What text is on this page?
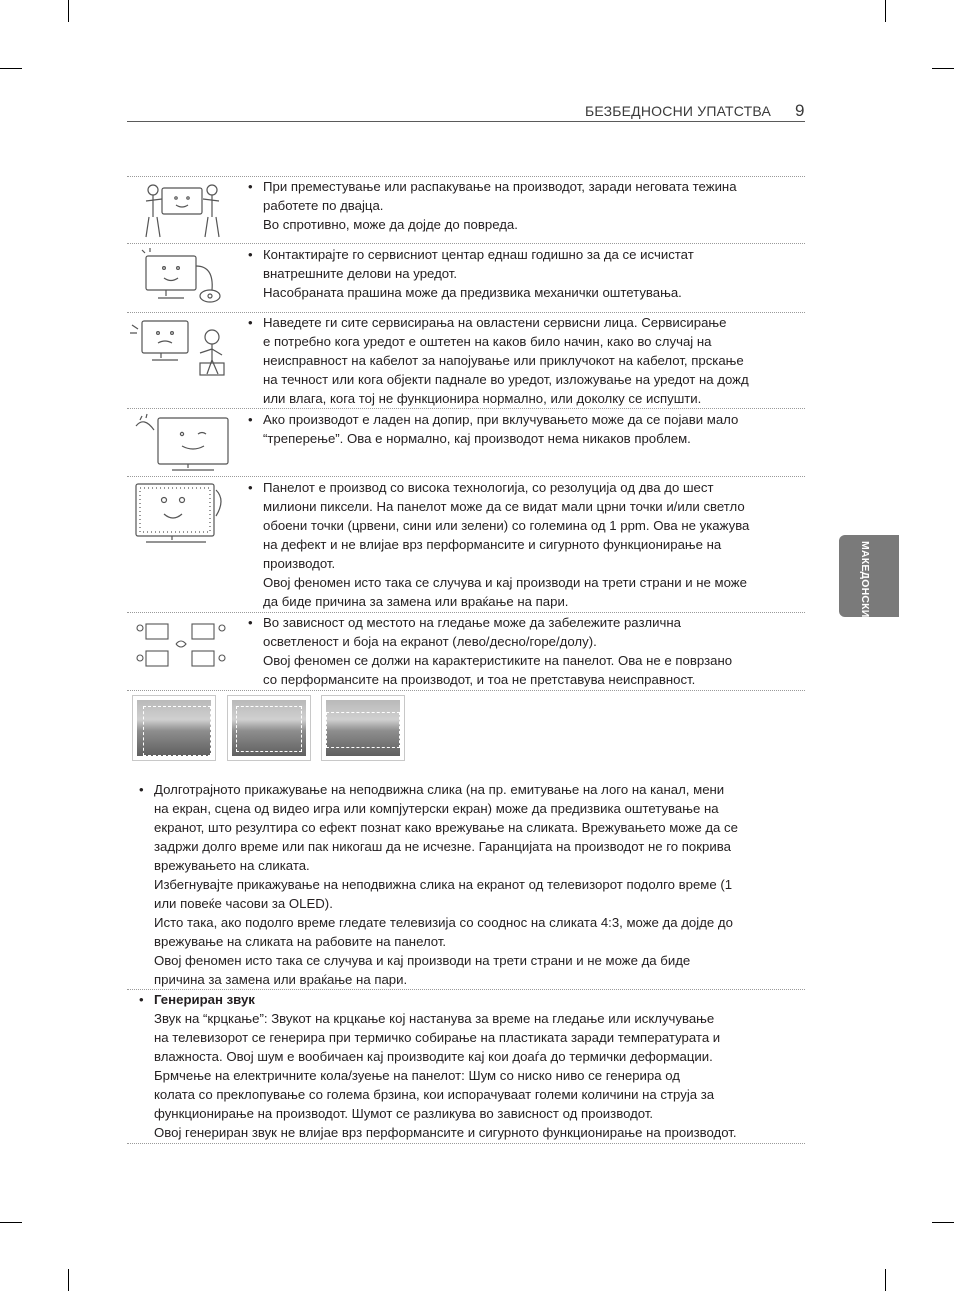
БЕЗБЕДНОСНИ УПАТСТВА 9
МАКЕДОНСКИ
• При преместување или распакување на производот, заради неговата тежина
работете по двајца.
Во спротивно, може да дојде до повреда.
• Контактирајте го сервисниот центар еднаш годишно за да се исчистат
внатрешните делови на уредот.
Насобраната прашина може да предизвика механички оштетувања.
• Наведете ги сите сервисирања на овластени сервисни лица. Сервисирање
е потребно кога уредот е оштетен на каков било начин, како во случај на
неисправност на кабелот за напојување или приклучокот на кабелот, прскање
на течност или кога објекти паднале во уредот, изложување на уредот на дожд
или влага, кога тој не функционира нормално, или доколку се испушти.
• Ако производот е ладен на допир, при вклучувањето може да се појави мало
“треперење”. Ова е нормално, кај производот нема никаков проблем.
• Панелот е производ со висока технологија, со резолуција од два до шест
милиони пиксели. На панелот може да се видат мали црни точки и/или светло
обоени точки (црвени, сини или зелени) со големина од 1 ppm. Ова не укажува
на дефект и не влијае врз перформансите и сигурното функционирање на
производот.
Овој феномен исто така се случува и кај производи на трети страни и не може
да биде причина за замена или враќање на пари.
• Во зависност од местото на гледање може да забележите различна
осветленост и боја на екранот (лево/десно/горе/долу).
Овој феномен се должи на карактеристиките на панелот. Ова не е поврзано
со перформансите на производот, и тоа не претставува неисправност.
• Долготрајното прикажување на неподвижна слика (на пр. емитување на лого на канал, мени
на екран, сцена од видео игра или компјутерски екран) може да предизвика оштетување на
екранот, што резултира со ефект познат како врежување на сликата. Врежувањето може да се
задржи долго време или пак никогаш да не исчезне. Гаранцијата на производот не го покрива
врежувањето на сликата.
Избегнувајте прикажување на неподвижна слика на екранот од телевизорот подолго време (1
или повеќе часови за OLED).
Исто така, ако подолго време гледате телевизија со сооднос на сликата 4:3, може да дојде до
врежување на сликата на рабовите на панелот.
Овој феномен исто така се случува и кај производи на трети страни и не може да биде
причина за замена или враќање на пари.
• Генериран звук
Звук на “крцкање”: Звукот на крцкање кој настанува за време на гледање или исклучување
на телевизорот се генерира при термичко собирање на пластиката заради температурата и
влажноста. Овој шум е вообичаен кај производите кај кои доаѓа до термички деформации.
Брмчење на електричните кола/зуење на панелот: Шум со ниско ниво се генерира од
колата со преклопување со голема брзина, кои испорачуваат големи количини на струја за
функционирање на производот. Шумот се разликува во зависност од производот.
Овој генериран звук не влијае врз перформансите и сигурното функционирање на производот.
